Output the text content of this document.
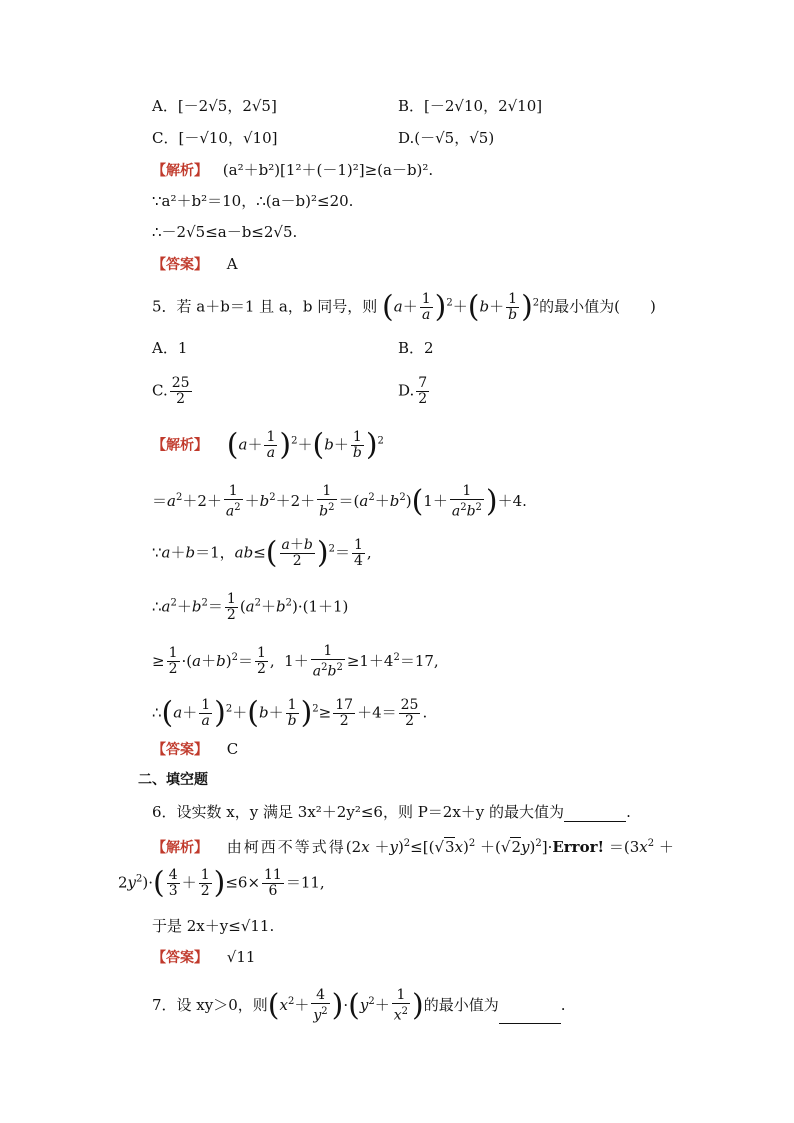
A．[－2√5，2√5]	B．[－2√10，2√10]
C．[－√10，√10]	D.(－√5，√5)
【解析】 (a²＋b²)[1²＋(－1)²]≥(a－b)².
∵a²＋b²＝10，∴(a－b)²≤20.
∴－2√5≤a－b≤2√5.
【答案】 A
5．若 a＋b＝1 且 a，b 同号，则 $(a+ \frac{1}{a} )^2+(b+ \frac{1}{b} )^2$的最小值为(　　)
A．1	B．2
C. $\frac{25}{2}$	D. $\frac{7}{2}$
【解析】 $(a+ \frac{1}{a} )^2+(b+ \frac{1}{b} )^2$
$=a^2+2+ \frac{1}{a^2} +b^2+2+ \frac{1}{b^2} =(a^2+b^2)(1+ \frac{1}{a^2b^2} )+4$.
∵a＋b＝1，$ab\le( \frac{a+b}{2} )^2= \frac{1}{4}$ ,
$\therefore a^2+b^2= \frac{1}{2} (a^2+b^2)\cdot(1+1)$
≥ $\frac{1}{2} \cdot(a+b)^2= \frac{1}{2}$ ,  $1+ \frac{1}{a^2b^2} \ge 1+4^2=17$,
∴(a＋ $\frac{1}{a} )^2+(b+ \frac{1}{b} )^2\ge \frac{17}{2} +4= \frac{25}{2}$ .
【答案】 C
二、填空题
6．设实数 x，y 满足 3x²＋2y²≤6，则 P＝2x＋y 的最大值为	.
【解析】 由柯西不等式得$(2x +y)^2\le[(√3x)^2$ $+(√2y)^2]\cdot Error$! $=(3x^2$ ＋
$2y^2)\cdot( \frac{4}{3} + \frac{1}{2} )\le 6\times \frac{11}{6} =11$,
于是 2x＋y≤√11.
【答案】 √11
7．设 xy＞0，则$(x^2+ \frac{4}{y^2} )\cdot(y^2+ \frac{1}{x^2}$ )的最小值为	.
